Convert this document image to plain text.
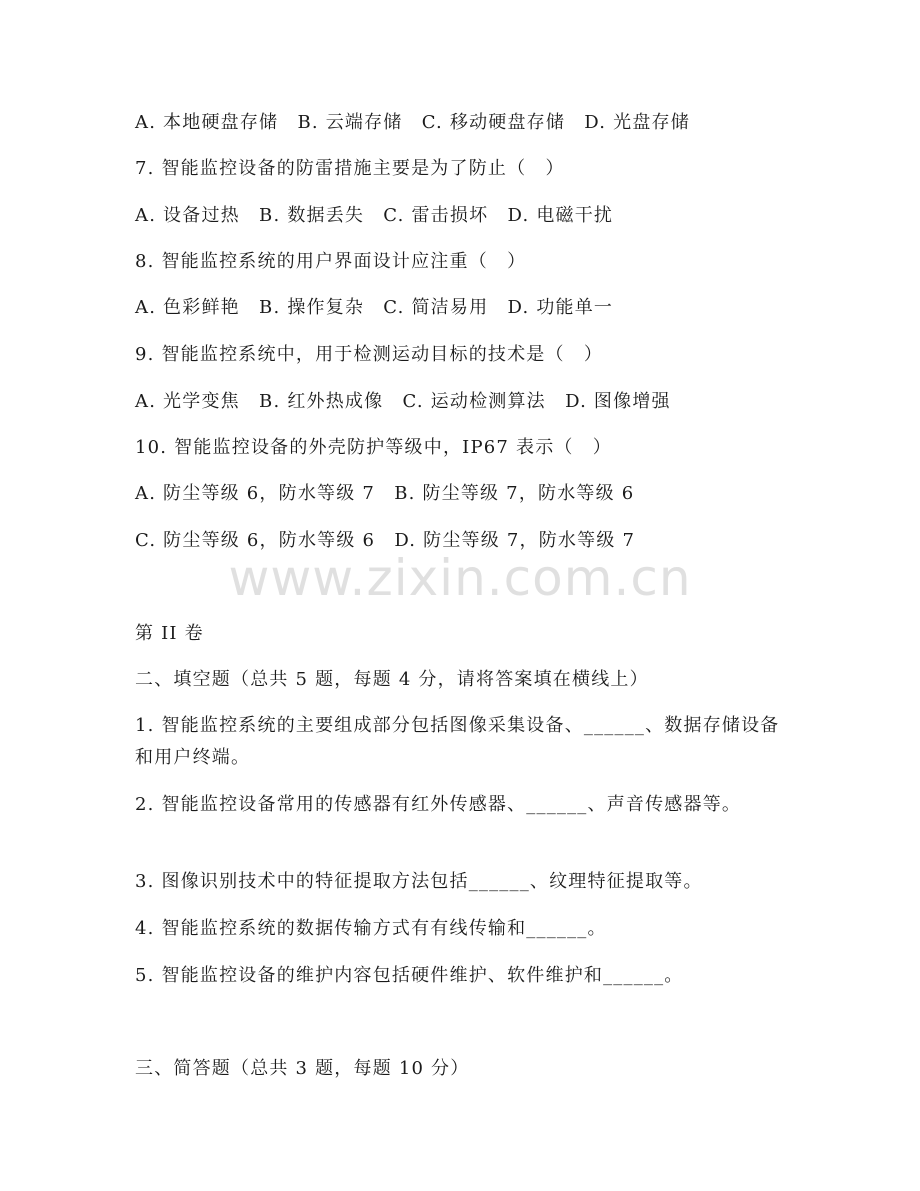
A. 本地硬盘存储　B. 云端存储　C. 移动硬盘存储　D. 光盘存储
7. 智能监控设备的防雷措施主要是为了防止（　）
A. 设备过热　B. 数据丢失　C. 雷击损坏　D. 电磁干扰
8. 智能监控系统的用户界面设计应注重（　）
A. 色彩鲜艳　B. 操作复杂　C. 简洁易用　D. 功能单一
9. 智能监控系统中，用于检测运动目标的技术是（　）
A. 光学变焦　B. 红外热成像　C. 运动检测算法　D. 图像增强
10. 智能监控设备的外壳防护等级中，IP67 表示（　）
A. 防尘等级 6，防水等级 7　B. 防尘等级 7，防水等级 6
C. 防尘等级 6，防水等级 6　D. 防尘等级 7，防水等级 7
www.zixin.com.cn
第 II 卷
二、填空题（总共 5 题，每题 4 分，请将答案填在横线上）
1. 智能监控系统的主要组成部分包括图像采集设备、______、数据存储设备和用户终端。
2. 智能监控设备常用的传感器有红外传感器、______、声音传感器等。
3. 图像识别技术中的特征提取方法包括______、纹理特征提取等。
4. 智能监控系统的数据传输方式有有线传输和______。
5. 智能监控设备的维护内容包括硬件维护、软件维护和______。
三、简答题（总共 3 题，每题 10 分）
